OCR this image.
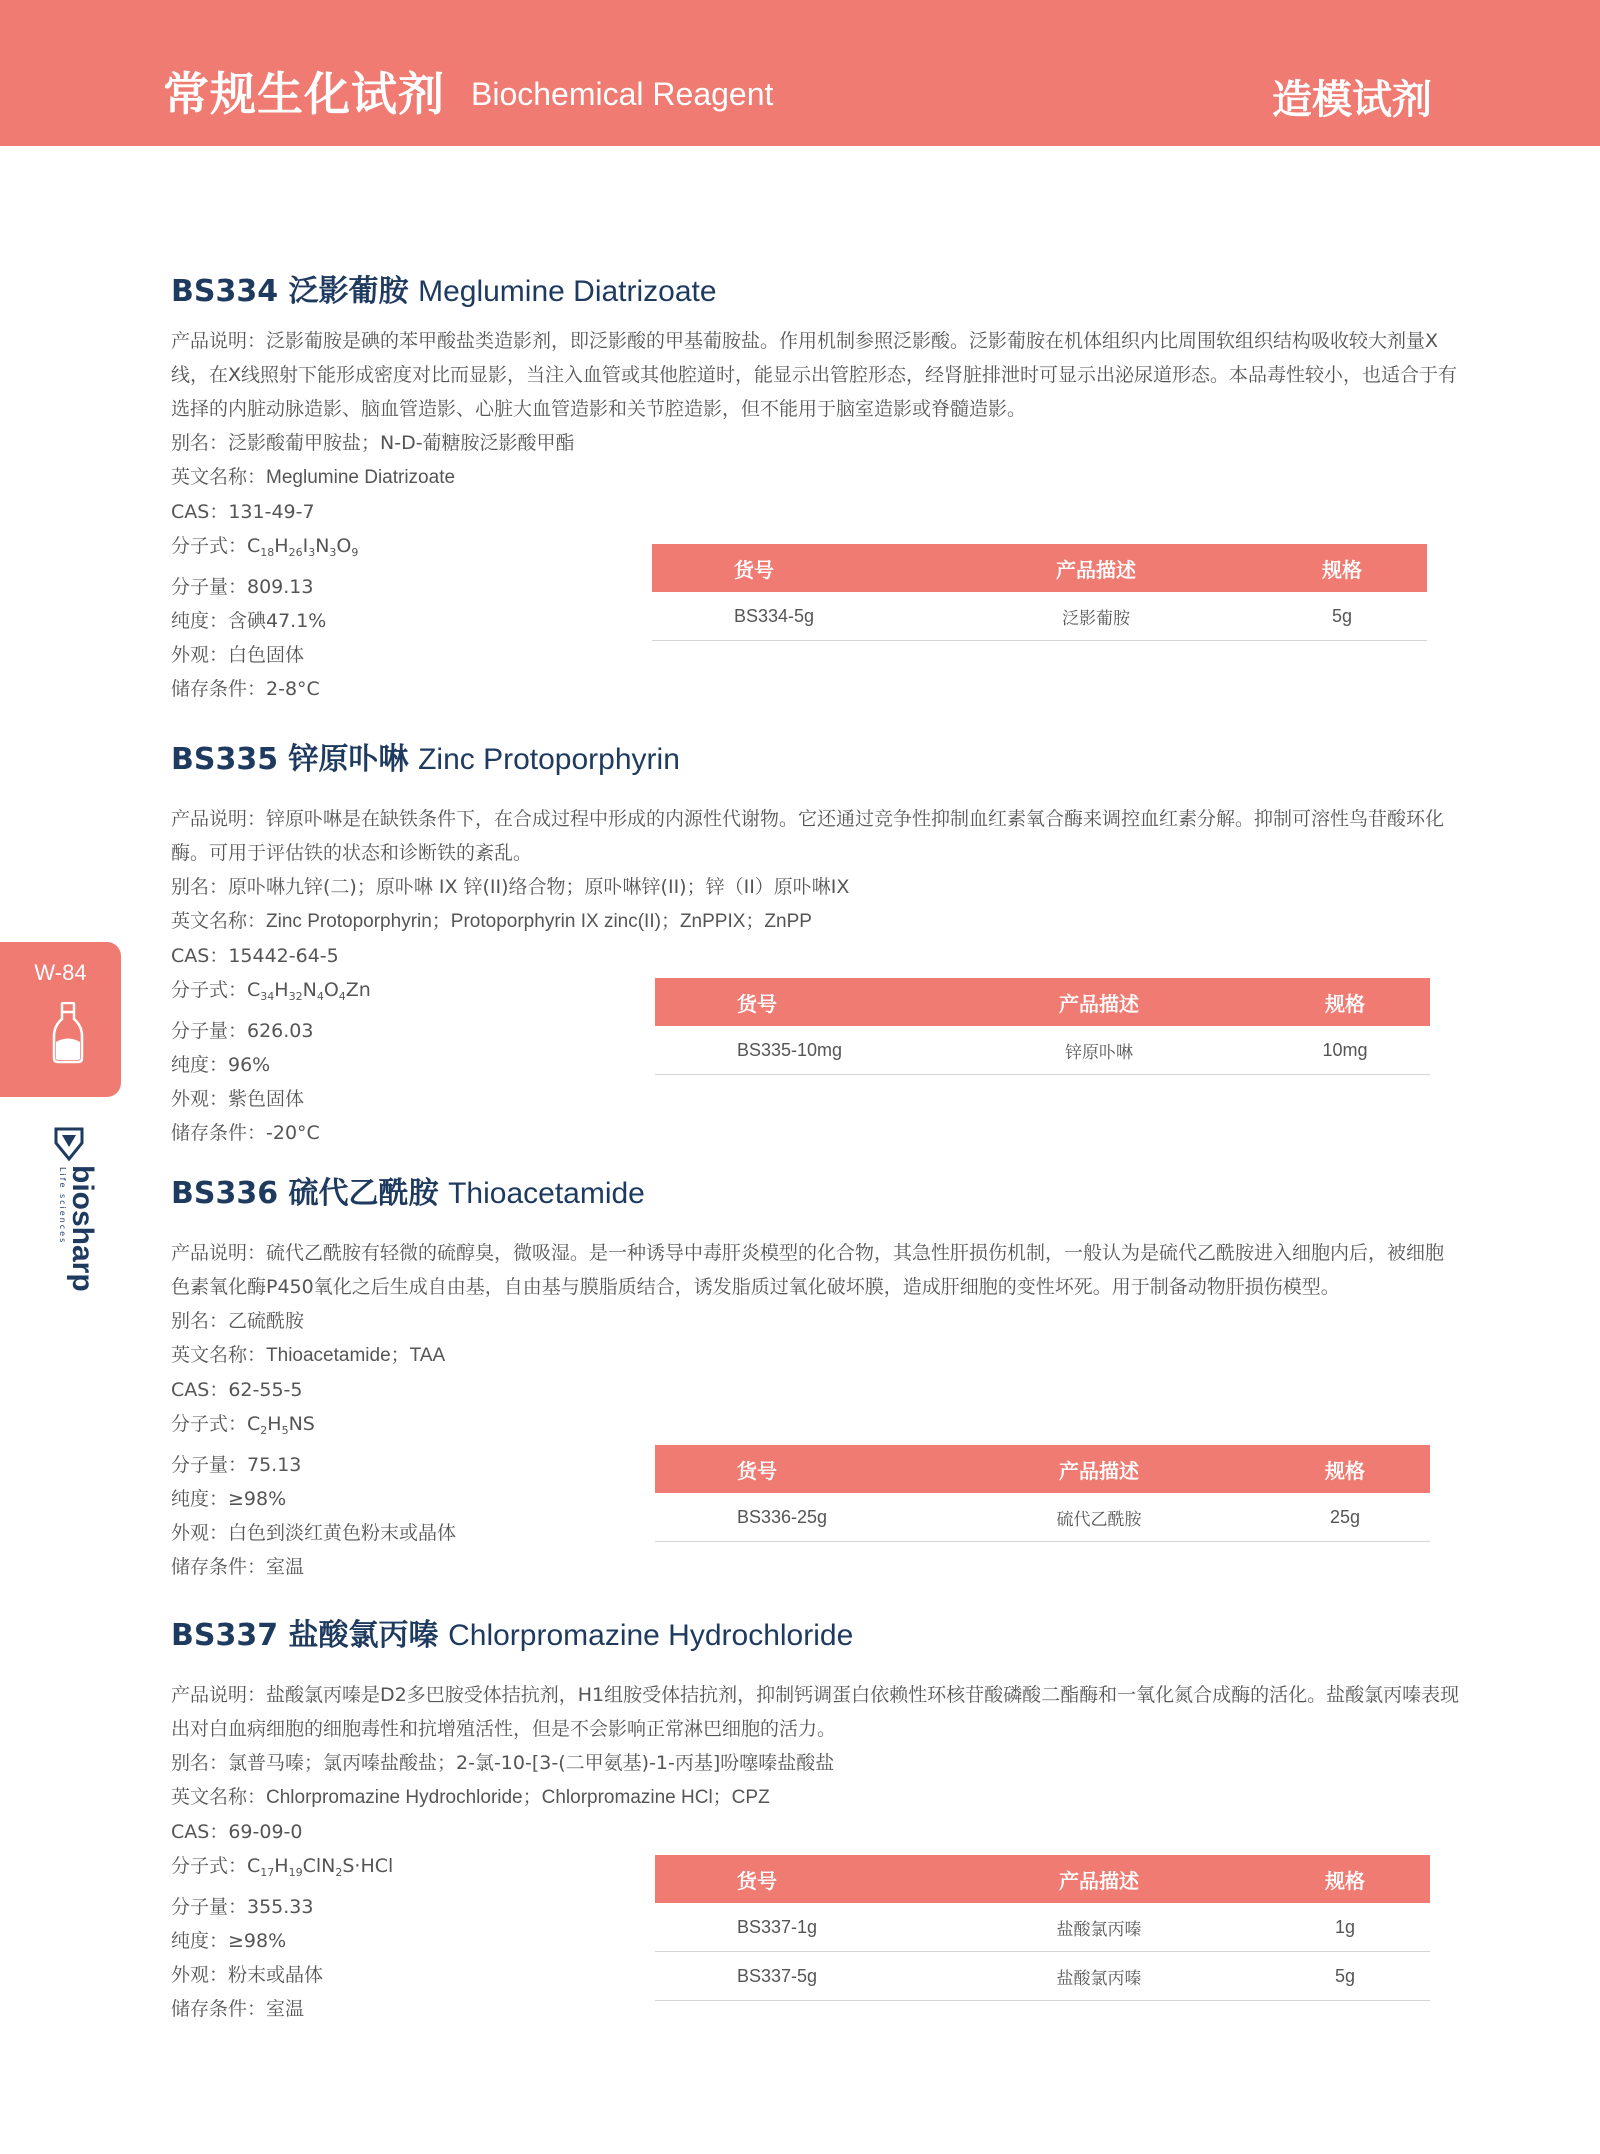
常规生化试剂 Biochemical Reagent	造模试剂
W-84
biosharp
Life sciences
BS334 泛影葡胺 Meglumine Diatrizoate
产品说明：泛影葡胺是碘的苯甲酸盐类造影剂，即泛影酸的甲基葡胺盐。作用机制参照泛影酸。泛影葡胺在机体组织内比周围软组织结构吸收较大剂量X线，在X线照射下能形成密度对比而显影，当注入血管或其他腔道时，能显示出管腔形态，经肾脏排泄时可显示出泌尿道形态。本品毒性较小，也适合于有选择的内脏动脉造影、脑血管造影、心脏大血管造影和关节腔造影，但不能用于脑室造影或脊髓造影。
别名：泛影酸葡甲胺盐；N-D-葡糖胺泛影酸甲酯
英文名称：Meglumine Diatrizoate
CAS：131-49-7
分子式：$C_{18}H_{26}I_3N_3O_9$
分子量：809.13
纯度：含碘47.1%
外观：白色固体
储存条件：2-8°C
货号	产品描述	规格
BS334-5g	泛影葡胺	5g
BS335 锌原卟啉 Zinc Protoporphyrin
产品说明：锌原卟啉是在缺铁条件下，在合成过程中形成的内源性代谢物。它还通过竞争性抑制血红素氧合酶来调控血红素分解。抑制可溶性鸟苷酸环化酶。可用于评估铁的状态和诊断铁的紊乱。
别名：原卟啉九锌(二)；原卟啉 IX 锌(II)络合物；原卟啉锌(II)；锌（II）原卟啉IX
英文名称：Zinc Protoporphyrin；Protoporphyrin IX zinc(II)；ZnPPIX；ZnPP
CAS：15442-64-5
分子式：$C_{34}H_{32}N_4O_4Zn$
分子量：626.03
纯度：96%
外观：紫色固体
储存条件：-20°C
货号	产品描述	规格
BS335-10mg	锌原卟啉	10mg
BS336 硫代乙酰胺 Thioacetamide
产品说明：硫代乙酰胺有轻微的硫醇臭，微吸湿。是一种诱导中毒肝炎模型的化合物，其急性肝损伤机制，一般认为是硫代乙酰胺进入细胞内后，被细胞色素氧化酶P450氧化之后生成自由基，自由基与膜脂质结合，诱发脂质过氧化破坏膜，造成肝细胞的变性坏死。用于制备动物肝损伤模型。
别名：乙硫酰胺
英文名称：Thioacetamide；TAA
CAS：62-55-5
分子式：$C_2H_5NS$
分子量：75.13
纯度：≥98%
外观：白色到淡红黄色粉末或晶体
储存条件：室温
货号	产品描述	规格
BS336-25g	硫代乙酰胺	25g
BS337 盐酸氯丙嗪 Chlorpromazine Hydrochloride
产品说明：盐酸氯丙嗪是D2多巴胺受体拮抗剂，H1组胺受体拮抗剂，抑制钙调蛋白依赖性环核苷酸磷酸二酯酶和一氧化氮合成酶的活化。盐酸氯丙嗪表现出对白血病细胞的细胞毒性和抗增殖活性，但是不会影响正常淋巴细胞的活力。
别名：氯普马嗪；氯丙嗪盐酸盐；2-氯-10-[3-(二甲氨基)-1-丙基]吩噻嗪盐酸盐
英文名称：Chlorpromazine Hydrochloride；Chlorpromazine HCl；CPZ
CAS：69-09-0
分子式：$C_{17}H_{19}ClN_2S\cdot HCl$
分子量：355.33
纯度：≥98%
外观：粉末或晶体
储存条件：室温
货号	产品描述	规格
BS337-1g	盐酸氯丙嗪	1g
BS337-5g	盐酸氯丙嗪	5g
